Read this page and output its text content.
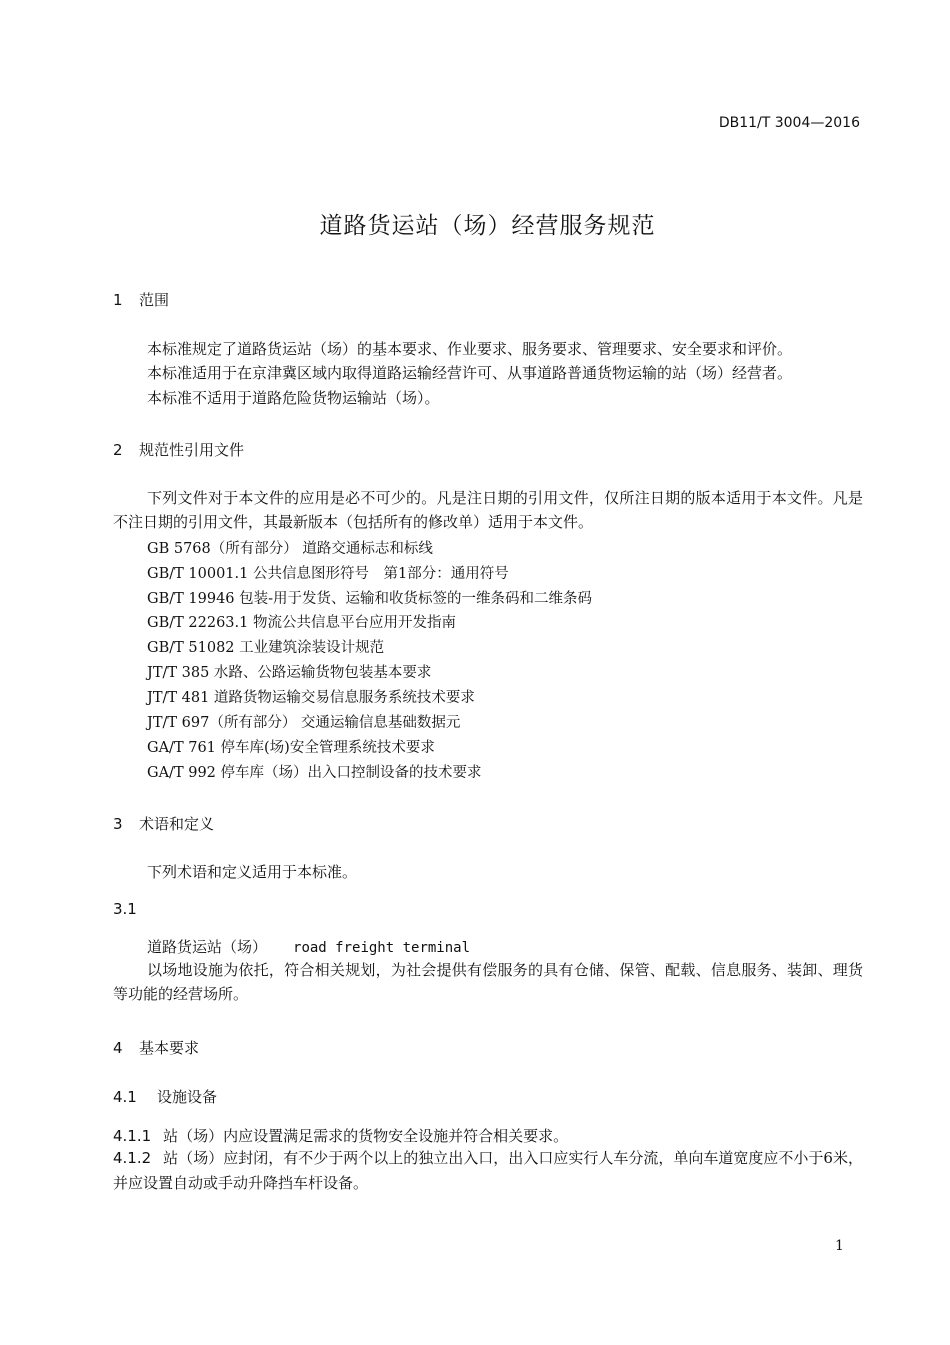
DB11/T 3004—2016
道路货运站（场）经营服务规范
1 范围
本标准规定了道路货运站（场）的基本要求、作业要求、服务要求、管理要求、安全要求和评价。
本标准适用于在京津冀区域内取得道路运输经营许可、从事道路普通货物运输的站（场）经营者。
本标准不适用于道路危险货物运输站（场）。
2 规范性引用文件
下列文件对于本文件的应用是必不可少的。凡是注日期的引用文件，仅所注日期的版本适用于本文件。凡是不注日期的引用文件，其最新版本（包括所有的修改单）适用于本文件。
GB 5768（所有部分） 道路交通标志和标线
GB/T 10001.1 公共信息图形符号　第1部分：通用符号
GB/T 19946 包装-用于发货、运输和收货标签的一维条码和二维条码
GB/T 22263.1 物流公共信息平台应用开发指南
GB/T 51082 工业建筑涂装设计规范
JT/T 385 水路、公路运输货物包装基本要求
JT/T 481 道路货物运输交易信息服务系统技术要求
JT/T 697（所有部分） 交通运输信息基础数据元
GA/T 761 停车库(场)安全管理系统技术要求
GA/T 992 停车库（场）出入口控制设备的技术要求
3 术语和定义
下列术语和定义适用于本标准。
3.1
道路货运站（场） road freight terminal
以场地设施为依托，符合相关规划，为社会提供有偿服务的具有仓储、保管、配载、信息服务、装卸、理货等功能的经营场所。
4 基本要求
4.1 设施设备
4.1.1 站（场）内应设置满足需求的货物安全设施并符合相关要求。
4.1.2 站（场）应封闭，有不少于两个以上的独立出入口，出入口应实行人车分流，单向车道宽度应不小于6米，并应设置自动或手动升降挡车杆设备。
1
